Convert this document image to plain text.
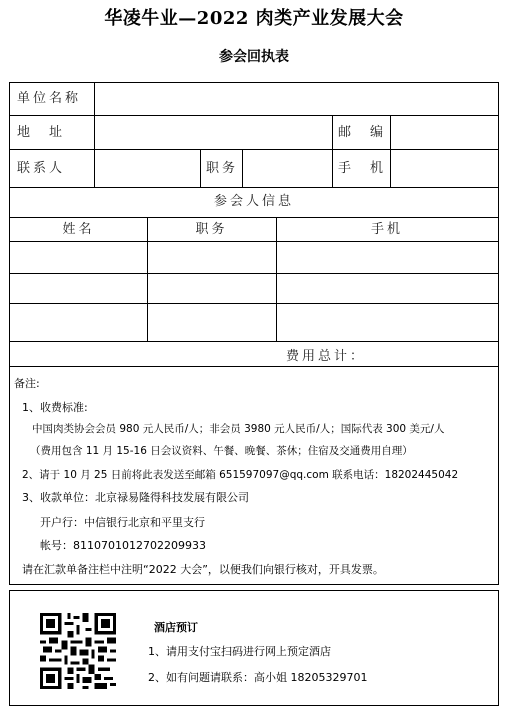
华凌牛业—2022 肉类产业发展大会
参会回执表
单位名称
地　址	邮　编
联系人	职务	手　机
参会人信息
姓名	职务	手机
费用总计：
备注:
1、收费标准:
中国肉类协会会员 980 元人民币/人；非会员 3980 元人民币/人；国际代表 300 美元/人
（费用包含 11 月 15-16 日会议资料、午餐、晚餐、茶休；住宿及交通费用自理）
2、请于 10 月 25 日前将此表发送至邮箱 651597097@qq.com 联系电话：18202445042
3、收款单位：北京禄易隆得科技发展有限公司
开户行：中信银行北京和平里支行
帐号：8110701012702209933
请在汇款单备注栏中注明“2022 大会”，以便我们向银行核对，开具发票。
酒店预订
1、请用支付宝扫码进行网上预定酒店
2、如有问题请联系：高小姐 18205329701
